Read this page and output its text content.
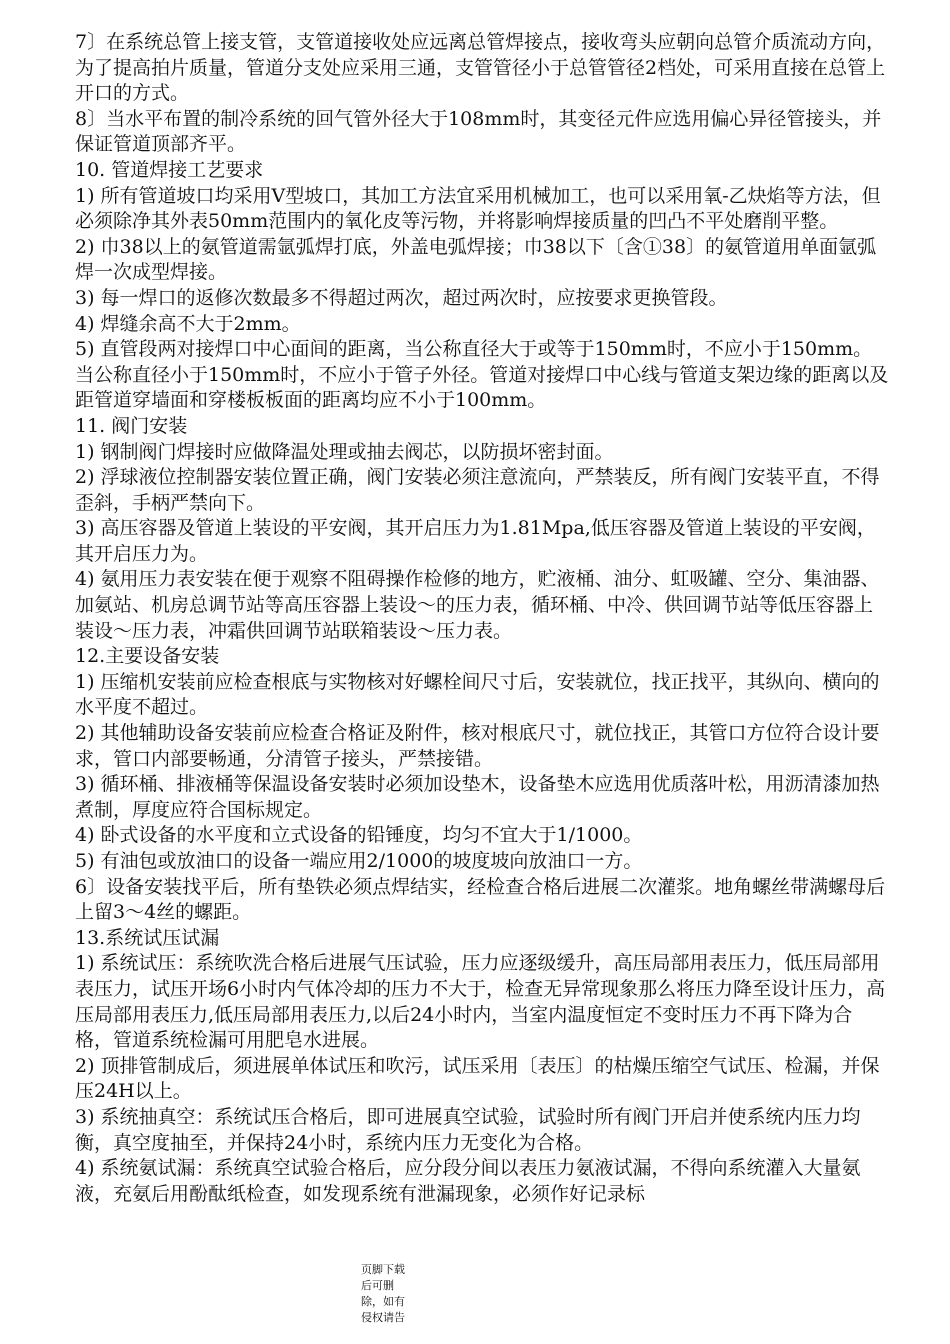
7〕在系统总管上接支管，支管道接收处应远离总管焊接点，接收弯头应朝向总管介质流动方向，为了提高拍片质量，管道分支处应采用三通，支管管径小于总管管径2档处，可采用直接在总管上开口的方式。

8〕当水平布置的制冷系统的回气管外径大于108mm时，其变径元件应选用偏心异径管接头，并保证管道顶部齐平。

10. 管道焊接工艺要求

1) 所有管道坡口均采用V型坡口，其加工方法宜采用机械加工，也可以采用氧-乙炔焰等方法，但必须除净其外表50mm范围内的氧化皮等污物，并将影响焊接质量的凹凸不平处磨削平整。

2) 巾38以上的氨管道需氩弧焊打底，外盖电弧焊接；巾38以下〔含①38〕的氨管道用单面氩弧焊一次成型焊接。

3) 每一焊口的返修次数最多不得超过两次，超过两次时，应按要求更换管段。

4) 焊缝余高不大于2mm。

5) 直管段两对接焊口中心面间的距离，当公称直径大于或等于150mm时，不应小于150mm。当公称直径小于150mm时，不应小于管子外径。管道对接焊口中心线与管道支架边缘的距离以及距管道穿墙面和穿楼板板面的距离均应不小于100mm。

11. 阀门安装

1) 钢制阀门焊接时应做降温处理或抽去阀芯，以防损坏密封面。

2) 浮球液位控制器安装位置正确，阀门安装必须注意流向，严禁装反，所有阀门安装平直，不得歪斜，手柄严禁向下。

3) 高压容器及管道上装设的平安阀，其开启压力为1.81Mpa,低压容器及管道上装设的平安阀，其开启压力为。

4) 氨用压力表安装在便于观察不阻碍操作检修的地方，贮液桶、油分、虹吸罐、空分、集油器、加氨站、机房总调节站等高压容器上装设〜的压力表，循环桶、中冷、供回调节站等低压容器上装设〜压力表，冲霜供回调节站联箱装设〜压力表。

12.主要设备安装

1) 压缩机安装前应检查根底与实物核对好螺栓间尺寸后，安装就位，找正找平，其纵向、横向的水平度不超过。

2) 其他辅助设备安装前应检查合格证及附件，核对根底尺寸，就位找正，其管口方位符合设计要求，管口内部要畅通，分清管子接头，严禁接错。

3) 循环桶、排液桶等保温设备安装时必须加设垫木，设备垫木应选用优质落叶松，用沥清漆加热煮制，厚度应符合国标规定。

4) 卧式设备的水平度和立式设备的铅锤度，均匀不宜大于1/1000。

5) 有油包或放油口的设备一端应用2/1000的坡度坡向放油口一方。

6〕设备安装找平后，所有垫铁必须点焊结实，经检查合格后进展二次灌浆。地角螺丝带满螺母后上留3〜4丝的螺距。

13.系统试压试漏

1) 系统试压：系统吹洗合格后进展气压试验，压力应逐级缓升，高压局部用表压力，低压局部用表压力，试压开场6小时内气体冷却的压力不大于，检查无异常现象那么将压力降至设计压力，高压局部用表压力,低压局部用表压力,以后24小时内，当室内温度恒定不变时压力不再下降为合格，管道系统检漏可用肥皂水进展。

2) 顶排管制成后，须进展单体试压和吹污，试压采用〔表压〕的枯燥压缩空气试压、检漏，并保压24H以上。

3) 系统抽真空：系统试压合格后，即可进展真空试验，试验时所有阀门开启并使系统内压力均衡，真空度抽至，并保持24小时，系统内压力无变化为合格。

4) 系统氨试漏：系统真空试验合格后，应分段分间以表压力氨液试漏，不得向系统灌入大量氨液，充氨后用酚酞纸检查，如发现系统有泄漏现象，必须作好记录标

页脚下载后可删除，如有侵权请告
